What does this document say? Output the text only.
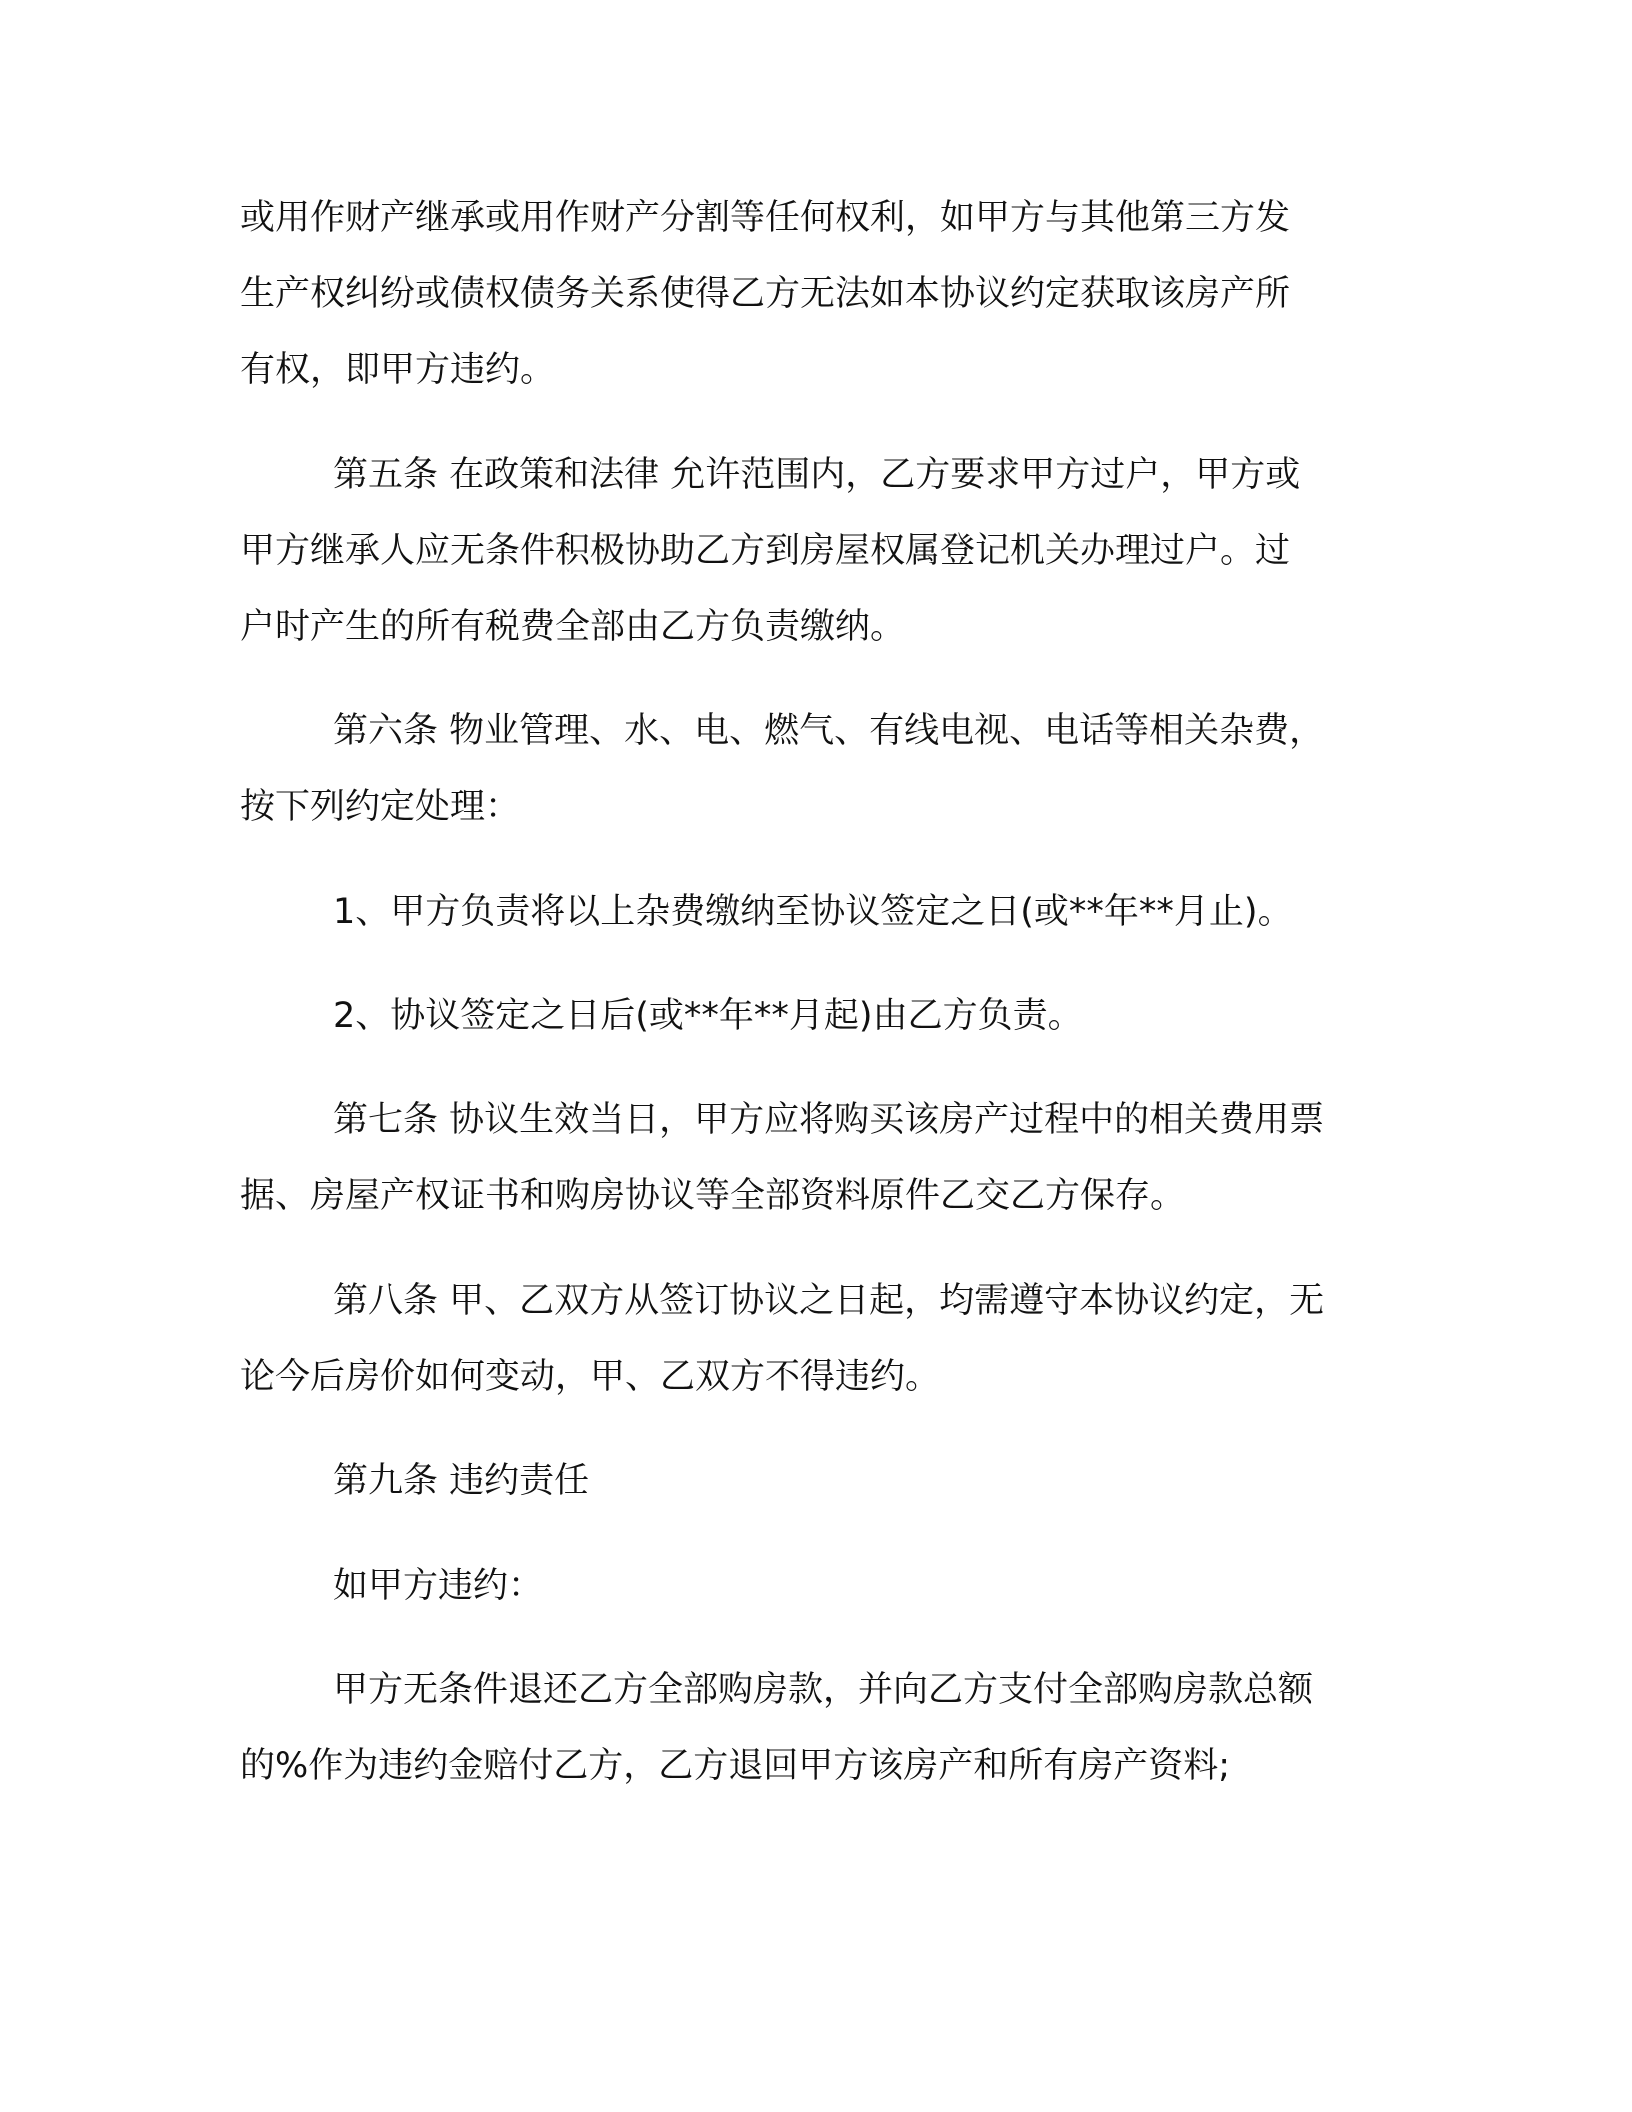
或用作财产继承或用作财产分割等任何权利，如甲方与其他第三方发

生产权纠纷或债权债务关系使得乙方无法如本协议约定获取该房产所

有权，即甲方违约。

第五条 在政策和法律 允许范围内，乙方要求甲方过户，甲方或

甲方继承人应无条件积极协助乙方到房屋权属登记机关办理过户。过

户时产生的所有税费全部由乙方负责缴纳。

第六条 物业管理、水、电、燃气、有线电视、电话等相关杂费，

按下列约定处理：

1、甲方负责将以上杂费缴纳至协议签定之日(或**年**月止)。

2、协议签定之日后(或**年**月起)由乙方负责。

第七条 协议生效当日，甲方应将购买该房产过程中的相关费用票

据、房屋产权证书和购房协议等全部资料原件乙交乙方保存。

第八条 甲、乙双方从签订协议之日起，均需遵守本协议约定，无

论今后房价如何变动，甲、乙双方不得违约。

第九条 违约责任

如甲方违约：

甲方无条件退还乙方全部购房款，并向乙方支付全部购房款总额

的%作为违约金赔付乙方，乙方退回甲方该房产和所有房产资料;
